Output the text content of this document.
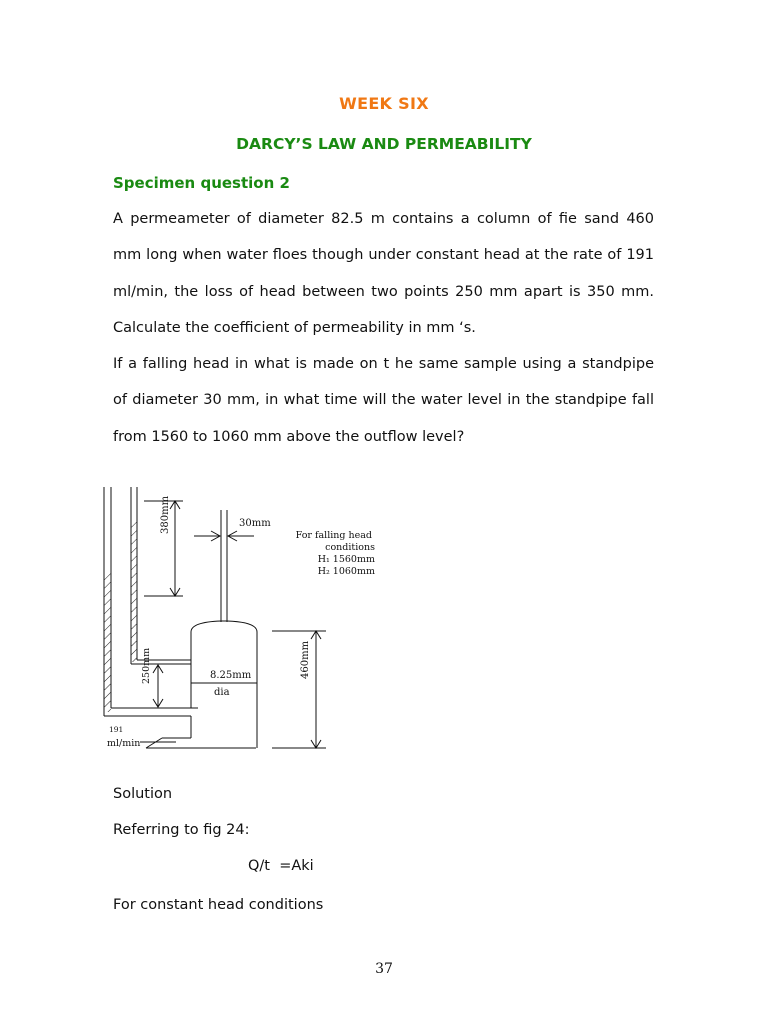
WEEK SIX
DARCY’S LAW AND PERMEABILITY
Specimen question 2
A permeameter of diameter 82.5 m contains a column of fie sand 460 mm long when water floes though under constant head at the rate of 191 ml/min, the loss of head between two points 250 mm apart is 350 mm. Calculate the coefficient of permeability in mm ‘s.
If a falling head in what is made on t he same sample using a standpipe of diameter 30 mm, in what time will the water level in the standpipe fall from 1560 to 1060 mm above the outflow level?
380mm	30mm
For falling head
conditions
H₁ 1560mm
H₂ 1060mm
8.25mm
dia
250mm	460mm
191
ml/min
Solution
Referring to fig 24:
Q/t  =Aki
For constant head conditions
37
